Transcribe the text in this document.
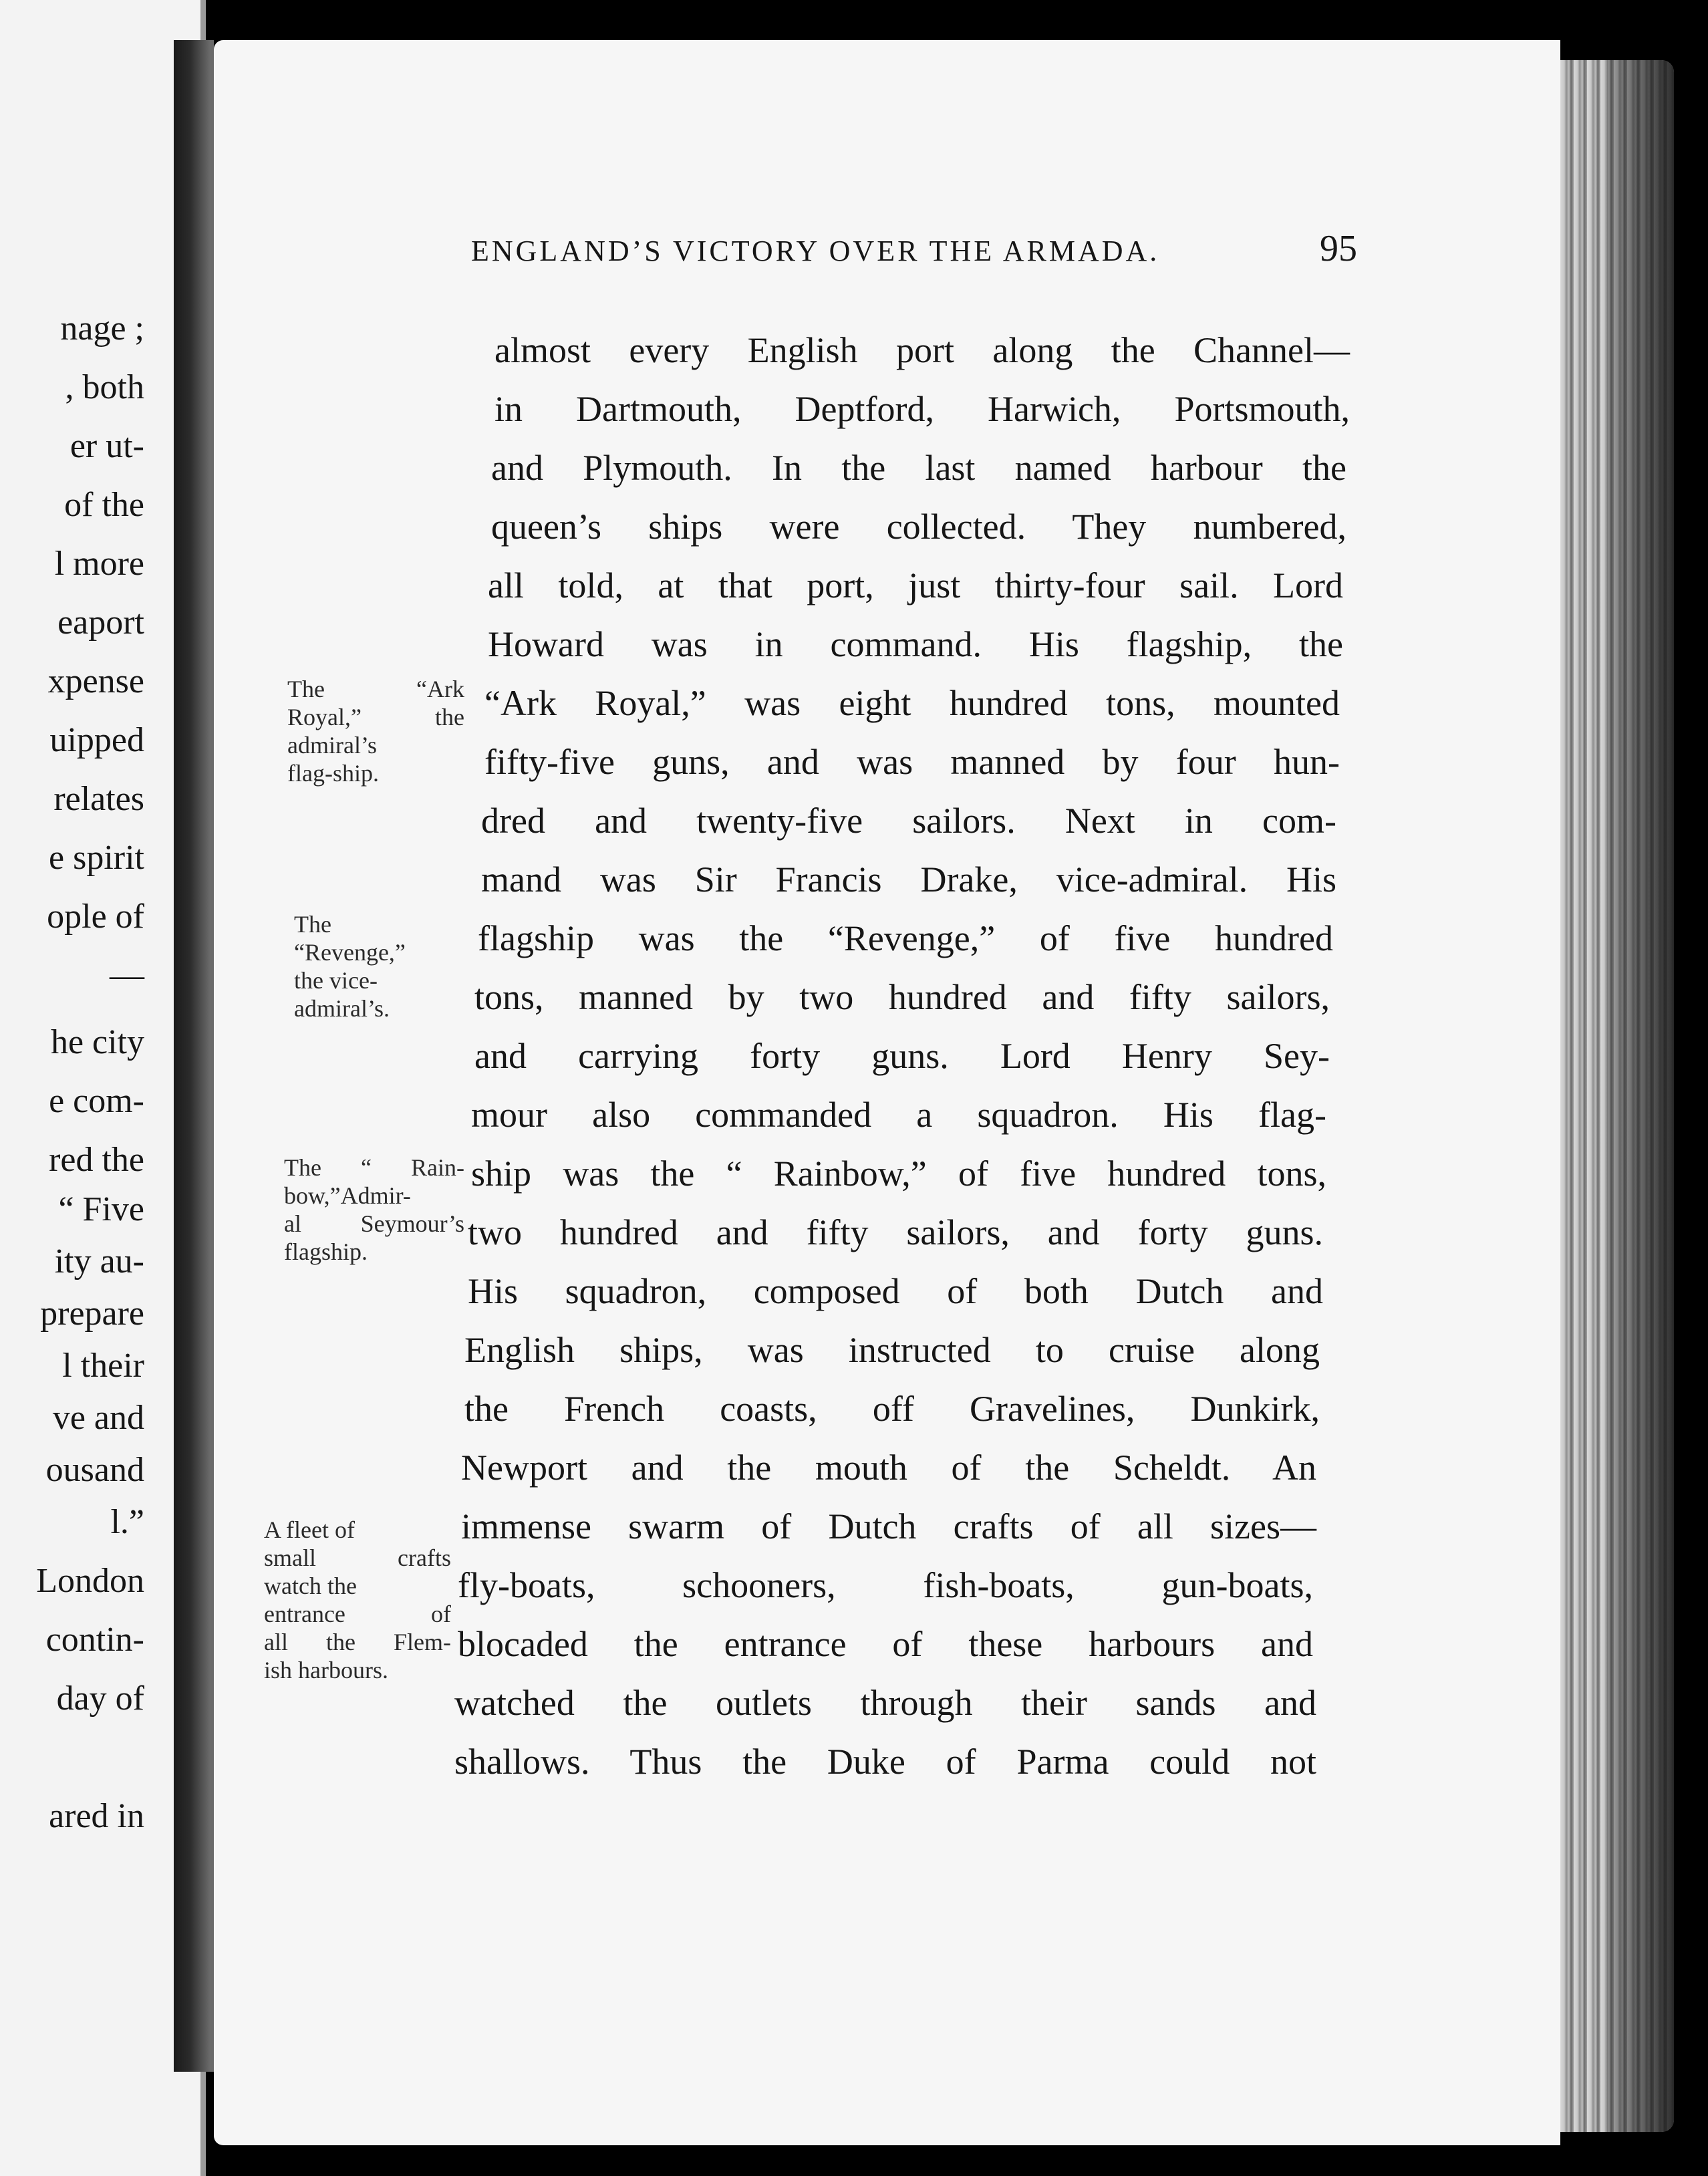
nage ;
, both
er ut-
of the
l more
eaport
xpense
uipped
relates
e spirit
ople of
—
he city
e com-
red the
“ Five
ity au-
prepare
l their
ve and
ousand
l.”
London
contin-
day of
ared in
ENGLAND’S VICTORY OVER THE ARMADA.	95
almost every English port along the Channel—
in Dartmouth, Deptford, Harwich, Portsmouth,
and Plymouth. In the last named harbour the
queen’s ships were collected. They numbered,
all told, at that port, just thirty-four sail. Lord
Howard was in command. His flagship, the
“Ark Royal,” was eight hundred tons, mounted
fifty-five guns, and was manned by four hun-
dred and twenty-five sailors. Next in com-
mand was Sir Francis Drake, vice-admiral. His
flagship was the “Revenge,” of five hundred
tons, manned by two hundred and fifty sailors,
and carrying forty guns. Lord Henry Sey-
mour also commanded a squadron. His flag-
ship was the “ Rainbow,” of five hundred tons,
two hundred and fifty sailors, and forty guns.
His squadron, composed of both Dutch and
English ships, was instructed to cruise along
the French coasts, off Gravelines, Dunkirk,
Newport and the mouth of the Scheldt. An
immense swarm of Dutch crafts of all sizes—
fly-boats, schooners, fish-boats, gun-boats,
blocaded the entrance of these harbours and
watched the outlets through their sands and
shallows. Thus the Duke of Parma could not
The “Ark
Royal,” the
admiral’s
flag-ship.
The
“Revenge,”
the vice-
admiral’s.
The “ Rain-
bow,”Admir-
al Seymour’s
flagship.
A fleet of
small crafts
watch the
entrance of
all the Flem-
ish harbours.
